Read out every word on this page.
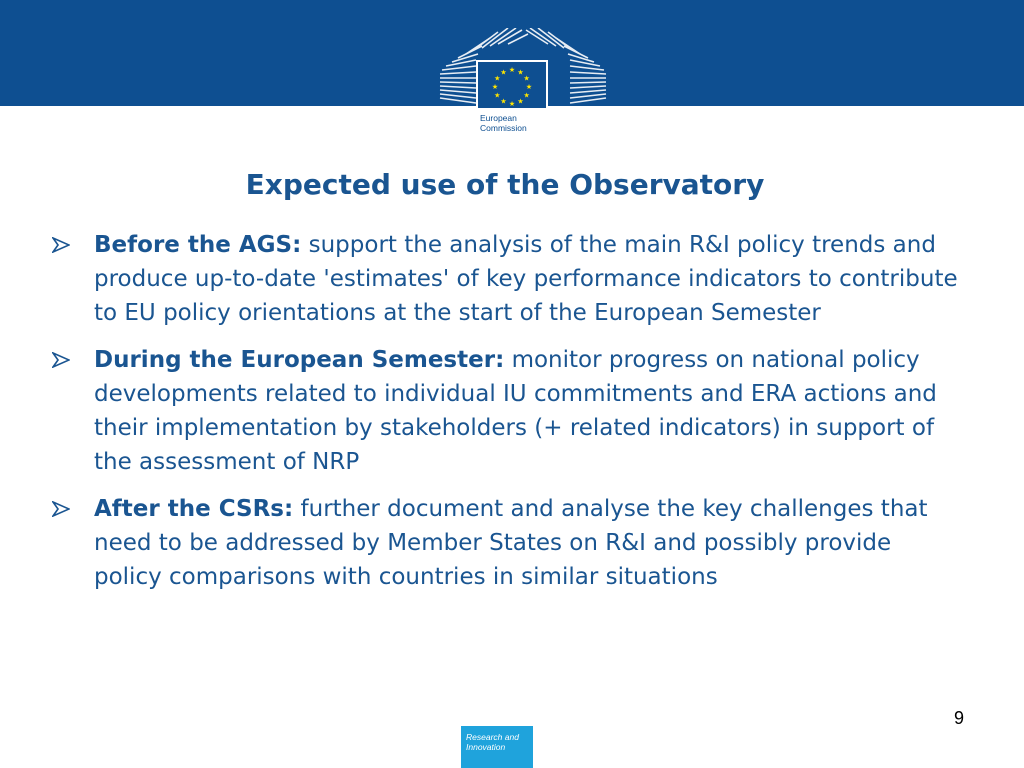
★ ★
★
★
★
★
★
★
★
★
★
★
European
Commission
Expected use of the Observatory
Before the AGS: support the analysis of the main R&I policy trends and produce up-to-date 'estimates' of key performance indicators to contribute to EU policy orientations at the start of the European Semester
During the European Semester: monitor progress on national policy developments related to individual IU commitments and ERA actions and their implementation by stakeholders (+ related indicators) in support of the assessment of NRP
After the CSRs: further document and analyse the key challenges that need to be addressed by Member States on R&I and possibly provide policy comparisons with countries in similar situations
9
Research and
Innovation
